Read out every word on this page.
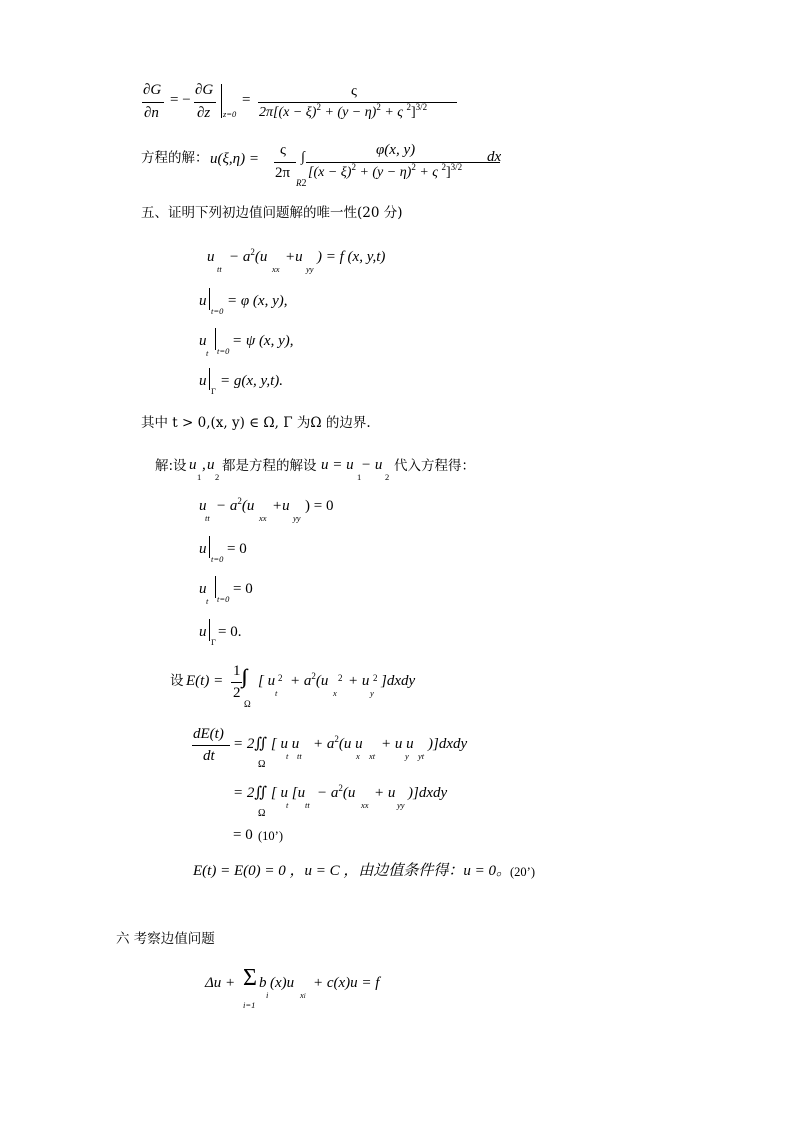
∂G
∂n
= −
∂G
∂z z=0
=
ς
$2\pi[(x - \xi)^2 + (y - \eta)^2 + \varsigma$ $^2$]$^{3/2}$
方程的解： u(ξ,η) =
ς
2π
∫
R2
φ(x, y)
[$(x - \xi)^2 + (y - \eta)^2 + \varsigma$ $^2$]$^{3/2}$
dx
五、证明下列初边值问题解的唯一性(20 分)
u
tt
− $a^2(u$
xx
+u
yy
) = f (x, y,t)
u
t=0
= φ (x, y),
u
t t=0
= ψ (x, y),
u
Γ
= g(x, y,t).
其中 t > 0,(x, y) ∈ Ω, Γ 为Ω 的边界.
解:设 u
1
, u
2
都是方程的解设 u = u
1
− u
2
代入方程得：
u
tt
− $a^2(u$
xx
+u
yy
) = 0
u
t=0
= 0
u
t t=0
= 0
u
Γ
= 0.
设 E(t) =
1
2
Ω
[ u
t
$2 + a^2(u$
x
2 + u
y
2 ]dxdy
dE(t)
dt
= 2∬ [ u u
Ω
t tt
+ $a^2(u$ u
x xt
+ u u
y yt
)]dxdy
= 2∬ [ u [u
Ω
t tt
− $a^2(u$
xx
+ u
yy
)]dxdy
= 0 (10’)
E(t) = E(0) = 0 ，u = C ，由边值条件得：u = 0。 (20’)
六 考察边值问题
Δu + Σ
i=1
b
i
(x)u
xi
+ c(x)u = f
